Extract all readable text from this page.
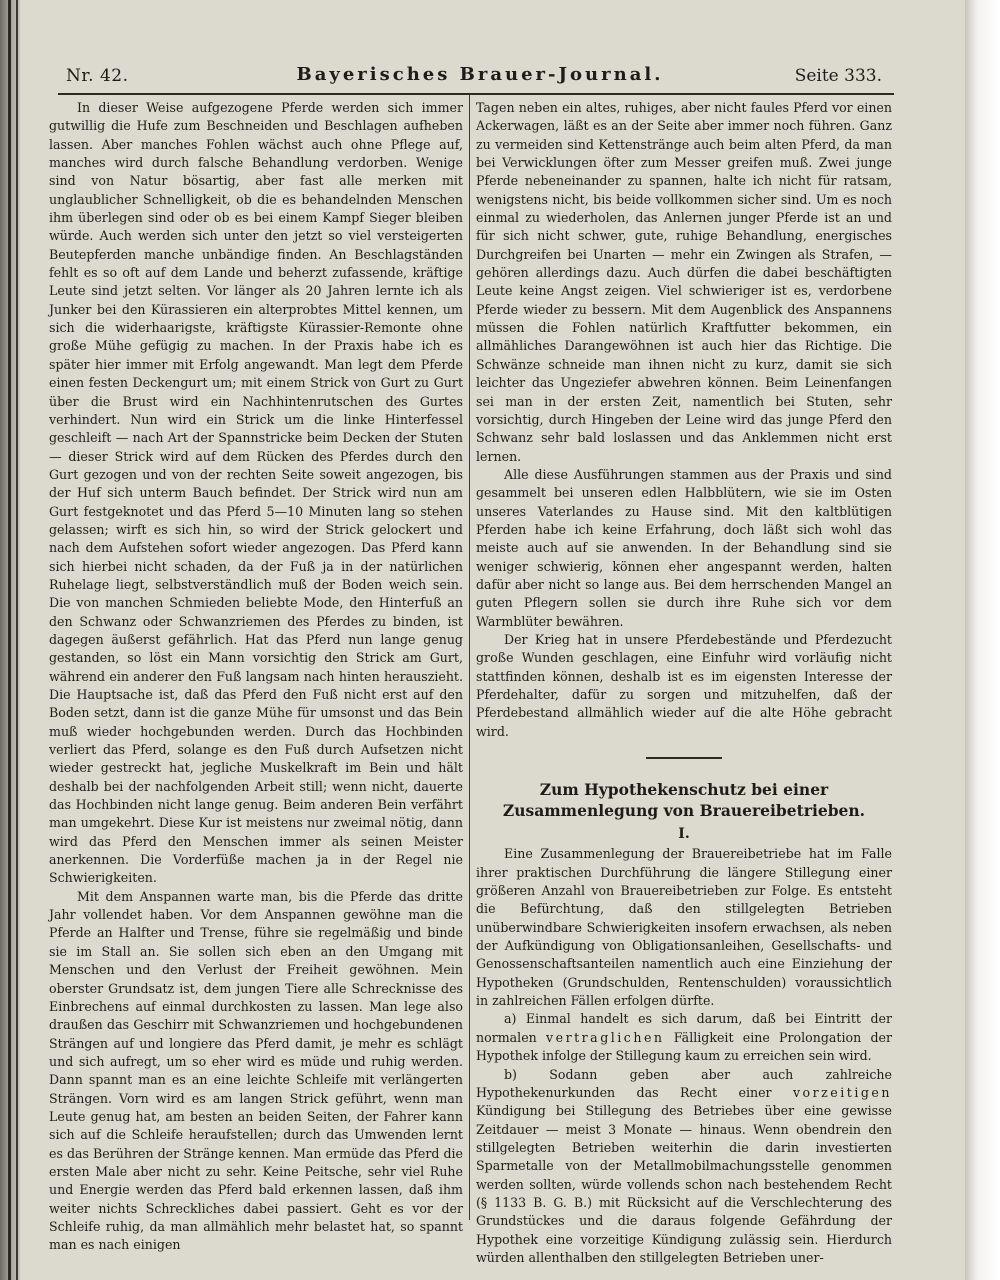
Nr. 42.	Bayerisches Brauer-Journal.	Seite 333.

In dieser Weise aufgezogene Pferde werden sich immer gutwillig die Hufe zum Beschneiden und Beschlagen aufheben lassen. Aber manches Fohlen wächst auch ohne Pflege auf, manches wird durch falsche Behandlung verdorben. Wenige sind von Natur bösartig, aber fast alle merken mit unglaublicher Schnelligkeit, ob die es behandelnden Menschen ihm überlegen sind oder ob es bei einem Kampf Sieger bleiben würde. Auch werden sich unter den jetzt so viel versteigerten Beutepferden manche unbändige finden. An Beschlagständen fehlt es so oft auf dem Lande und beherzt zufassende, kräftige Leute sind jetzt selten. Vor länger als 20 Jahren lernte ich als Junker bei den Kürassieren ein alterprobtes Mittel kennen, um sich die widerhaarigste, kräftigste Kürassier-Remonte ohne große Mühe gefügig zu machen. In der Praxis habe ich es später hier immer mit Erfolg angewandt. Man legt dem Pferde einen festen Deckengurt um; mit einem Strick von Gurt zu Gurt über die Brust wird ein Nachhintenrutschen des Gurtes verhindert. Nun wird ein Strick um die linke Hinterfessel geschleift — nach Art der Spannstricke beim Decken der Stuten — dieser Strick wird auf dem Rücken des Pferdes durch den Gurt gezogen und von der rechten Seite soweit angezogen, bis der Huf sich unterm Bauch befindet. Der Strick wird nun am Gurt festgeknotet und das Pferd 5—10 Minuten lang so stehen gelassen; wirft es sich hin, so wird der Strick gelockert und nach dem Aufstehen sofort wieder angezogen. Das Pferd kann sich hierbei nicht schaden, da der Fuß ja in der natürlichen Ruhelage liegt, selbstverständlich muß der Boden weich sein. Die von manchen Schmieden beliebte Mode, den Hinterfuß an den Schwanz oder Schwanzriemen des Pferdes zu binden, ist dagegen äußerst gefährlich. Hat das Pferd nun lange genug gestanden, so löst ein Mann vorsichtig den Strick am Gurt, während ein anderer den Fuß langsam nach hinten herauszieht. Die Hauptsache ist, daß das Pferd den Fuß nicht erst auf den Boden setzt, dann ist die ganze Mühe für umsonst und das Bein muß wieder hochgebunden werden. Durch das Hochbinden verliert das Pferd, solange es den Fuß durch Aufsetzen nicht wieder gestreckt hat, jegliche Muskelkraft im Bein und hält deshalb bei der nachfolgenden Arbeit still; wenn nicht, dauerte das Hochbinden nicht lange genug. Beim anderen Bein verfährt man umgekehrt. Diese Kur ist meistens nur zweimal nötig, dann wird das Pferd den Menschen immer als seinen Meister anerkennen. Die Vorderfüße machen ja in der Regel nie Schwierigkeiten.

Mit dem Anspannen warte man, bis die Pferde das dritte Jahr vollendet haben. Vor dem Anspannen gewöhne man die Pferde an Halfter und Trense, führe sie regelmäßig und binde sie im Stall an. Sie sollen sich eben an den Umgang mit Menschen und den Verlust der Freiheit gewöhnen. Mein oberster Grundsatz ist, dem jungen Tiere alle Schrecknisse des Einbrechens auf einmal durchkosten zu lassen. Man lege also draußen das Geschirr mit Schwanzriemen und hochgebundenen Strängen auf und longiere das Pferd damit, je mehr es schlägt und sich aufregt, um so eher wird es müde und ruhig werden. Dann spannt man es an eine leichte Schleife mit verlängerten Strängen. Vorn wird es am langen Strick geführt, wenn man Leute genug hat, am besten an beiden Seiten, der Fahrer kann sich auf die Schleife heraufstellen; durch das Umwenden lernt es das Berühren der Stränge kennen. Man ermüde das Pferd die ersten Male aber nicht zu sehr. Keine Peitsche, sehr viel Ruhe und Energie werden das Pferd bald erkennen lassen, daß ihm weiter nichts Schreckliches dabei passiert. Geht es vor der Schleife ruhig, da man allmählich mehr belastet hat, so spannt man es nach einigen

Tagen neben ein altes, ruhiges, aber nicht faules Pferd vor einen Ackerwagen, läßt es an der Seite aber immer noch führen. Ganz zu vermeiden sind Kettenstränge auch beim alten Pferd, da man bei Verwicklungen öfter zum Messer greifen muß. Zwei junge Pferde nebeneinander zu spannen, halte ich nicht für ratsam, wenigstens nicht, bis beide vollkommen sicher sind. Um es noch einmal zu wiederholen, das Anlernen junger Pferde ist an und für sich nicht schwer, gute, ruhige Behandlung, energisches Durchgreifen bei Unarten — mehr ein Zwingen als Strafen, — gehören allerdings dazu. Auch dürfen die dabei beschäftigten Leute keine Angst zeigen. Viel schwieriger ist es, verdorbene Pferde wieder zu bessern. Mit dem Augenblick des Anspannens müssen die Fohlen natürlich Kraftfutter bekommen, ein allmähliches Darangewöhnen ist auch hier das Richtige. Die Schwänze schneide man ihnen nicht zu kurz, damit sie sich leichter das Ungeziefer abwehren können. Beim Leinenfangen sei man in der ersten Zeit, namentlich bei Stuten, sehr vorsichtig, durch Hingeben der Leine wird das junge Pferd den Schwanz sehr bald loslassen und das Anklemmen nicht erst lernen.

Alle diese Ausführungen stammen aus der Praxis und sind gesammelt bei unseren edlen Halbblütern, wie sie im Osten unseres Vaterlandes zu Hause sind. Mit den kaltblütigen Pferden habe ich keine Erfahrung, doch läßt sich wohl das meiste auch auf sie anwenden. In der Behandlung sind sie weniger schwierig, können eher angespannt werden, halten dafür aber nicht so lange aus. Bei dem herrschenden Mangel an guten Pflegern sollen sie durch ihre Ruhe sich vor dem Warmblüter bewähren.

Der Krieg hat in unsere Pferdebestände und Pferdezucht große Wunden geschlagen, eine Einfuhr wird vorläufig nicht stattfinden können, deshalb ist es im eigensten Interesse der Pferdehalter, dafür zu sorgen und mitzuhelfen, daß der Pferdebestand allmählich wieder auf die alte Höhe gebracht wird.

Zum Hypothekenschutz bei einer Zusammenlegung von Brauereibetrieben.

I.

Eine Zusammenlegung der Brauereibetriebe hat im Falle ihrer praktischen Durchführung die längere Stillegung einer größeren Anzahl von Brauereibetrieben zur Folge. Es entsteht die Befürchtung, daß den stillgelegten Betrieben unüberwindbare Schwierigkeiten insofern erwachsen, als neben der Aufkündigung von Obligationsanleihen, Gesellschafts- und Genossenschaftsanteilen namentlich auch eine Einziehung der Hypotheken (Grundschulden, Rentenschulden) voraussichtlich in zahlreichen Fällen erfolgen dürfte.

a) Einmal handelt es sich darum, daß bei Eintritt der normalen vertraglichen Fälligkeit eine Prolongation der Hypothek infolge der Stillegung kaum zu erreichen sein wird.

b) Sodann geben aber auch zahlreiche Hypothekenurkunden das Recht einer vorzeitigen Kündigung bei Stillegung des Betriebes über eine gewisse Zeitdauer — meist 3 Monate — hinaus. Wenn obendrein den stillgelegten Betrieben weiterhin die darin investierten Sparmetalle von der Metallmobilmachungsstelle genommen werden sollten, würde vollends schon nach bestehendem Recht (§ 1133 B. G. B.) mit Rücksicht auf die Verschlechterung des Grundstückes und die daraus folgende Gefährdung der Hypothek eine vorzeitige Kündigung zulässig sein. Hierdurch würden allenthalben den stillgelegten Betrieben uner-
